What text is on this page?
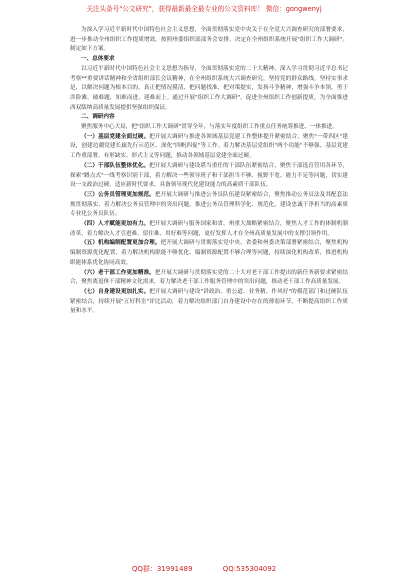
关注头条号"公文研究"，获得最新最全最专业的公文资料库！ 微信：gongwenyj

为深入学习近平新时代中国特色社会主义思想，全面贯彻落实党中央关于在全党大兴调查研究的部署要求，进一步推动全州组织工作提质增效。按照州委组织部部务会安排，决定在全州组织系统开展"组织工作大调研"。制定如下方案。

一、总体要求

以习近平新时代中国特色社会主义思想为指导，全面贯彻落实党的二十大精神，深入学习贯彻习近平总书记考察**重要讲话精神和全省组织部长会议精神，在全州组织系统大兴调查研究，坚持党的群众路线，坚持实事求是，以解决问题为根本目的，真正把情况摸清、把问题找准、把对策提实，发扬斗争精神，增强斗争本领，勇于涉险滩、破难题，知难而进、迎难而上。通过开展"组织工作大调研"，促进全州组织工作创新提质，为全面推进西双版纳高质量发展提供坚强组织保证。

二、调研内容

聚焦服务中心大局，把"组织工作大调研"贯穿全年，与落实年度组织工作重点任务统筹推进、一体推进。

（一）基层党建全面过硬。把开展大调研与推进各领域基层党建工作整体提升紧密结合，聚焦"一带四区"建设，创建边疆党建长廊先行示范区、深化"四帆四促"等工作。着力解决基层党组织"两个功能"不够强、基层党建工作重部署、有形缺实、形式主义等问题，推动各领域基层党建全面过硬。

（二）干部队伍整体优化。把开展大调研与建设堪当重任的干部队伍紧密结合，聚焦干部选育管用各环节，探索"蹲点式"一线考察识别干部，着力解决一些领导班子和干部担当不够、视野不宽、能力不足等问题，切实建设一支政治过硬、适应新时代要求、具备领导现代化建设能力的高素质干部队伍。

（三）公务员管理更加规范。把开展大调研与推进公务员队伍建设紧密结合，聚焦推动公务员法及其配套法规贯彻落实，着力解决公务员管理中的突出问题，推进公务员管理科学化、规范化，建设忠诚干净担当的高素质专业化公务员队伍。

（四）人才赋能更加有力。把开展大调研与服务国家和省、州重大战略紧密结合，聚焦人才工作的体制机制改革，着力解决人才引进难、留住难、用好难等问题，更好发挥人才在全州高质量发展中的支撑引领作用。

（五）机构编制配置更加合理。把开展大调研与贯彻落实党中央、省委和州委决策部署紧密结合，聚焦机构编制资源优化配置，着力解决机构职能不够优化、编制资源配置不够合理等问题，持续深化机构改革，推进机构职能体系优化协同高效。

（六）老干部工作更加精准。把开展大调研与贯彻落实党的二十大对老干部工作提出的新任务新要求紧密结合，聚焦离退休干部精神文化需求，着力解决老干部工作服务管理中的突出问题，推动老干部工作高质量发展。

（七）自身建设更加扎实。把开展大调研与建设"讲政治、重公道、业务精、作风好"的模范部门和过硬队伍紧密结合，持续开展"五好科室"评比活动，着力解决组织部门自身建设中存在的薄弱环节，不断提高组织工作质量和水平。

QQ群：31991489	QQ:535304092
